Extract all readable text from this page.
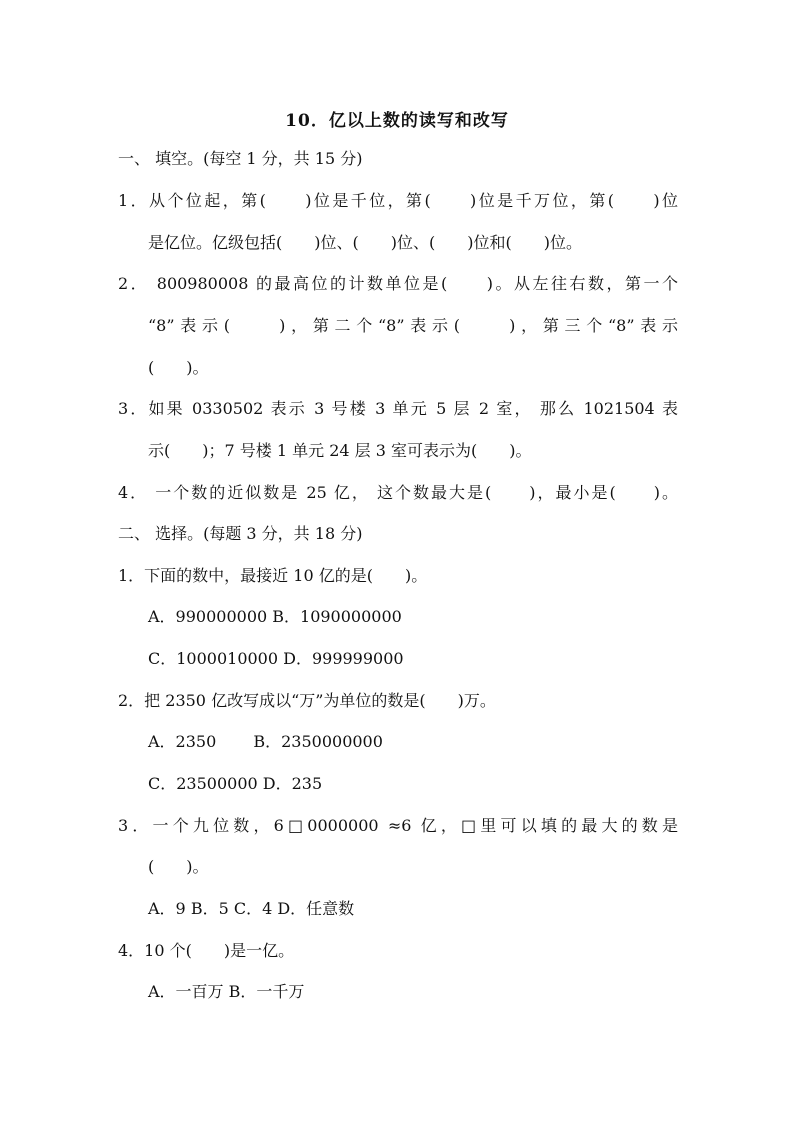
10．亿以上数的读写和改写
一、 填空。(每空 1 分，共 15 分)
1．从个位起，第(　　)位是千位，第(　　)位是千万位，第(　　)位
是亿位。亿级包括(　　)位、(　　)位、(　　)位和(　　)位。
2． 800980008 的最高位的计数单位是(　　)。从左往右数，第一个
“8”表示(　　)，第二个“8”表示(　　)，第三个“8”表示
(　　)。
3．如果 0330502 表示 3 号楼 3 单元 5 层 2 室， 那么 1021504 表
示(　　)；7 号楼 1 单元 24 层 3 室可表示为(　　)。
4． 一个数的近似数是 25 亿， 这个数最大是(　　)，最小是(　　)。
二、 选择。(每题 3 分，共 18 分)
1．下面的数中，最接近 10 亿的是(　　)。
A．990000000 B．1090000000
C．1000010000 D．999999000
2．把 2350 亿改写成以“万”为单位的数是(　　)万。
A．2350　　 B．2350000000
C．23500000 D．235
3．一个九位数，6□0000000 ≈6 亿，□里可以填的最大的数是
(　　)。
A．9 B．5 C．4 D．任意数
4．10 个(　　)是一亿。
A．一百万 B．一千万
